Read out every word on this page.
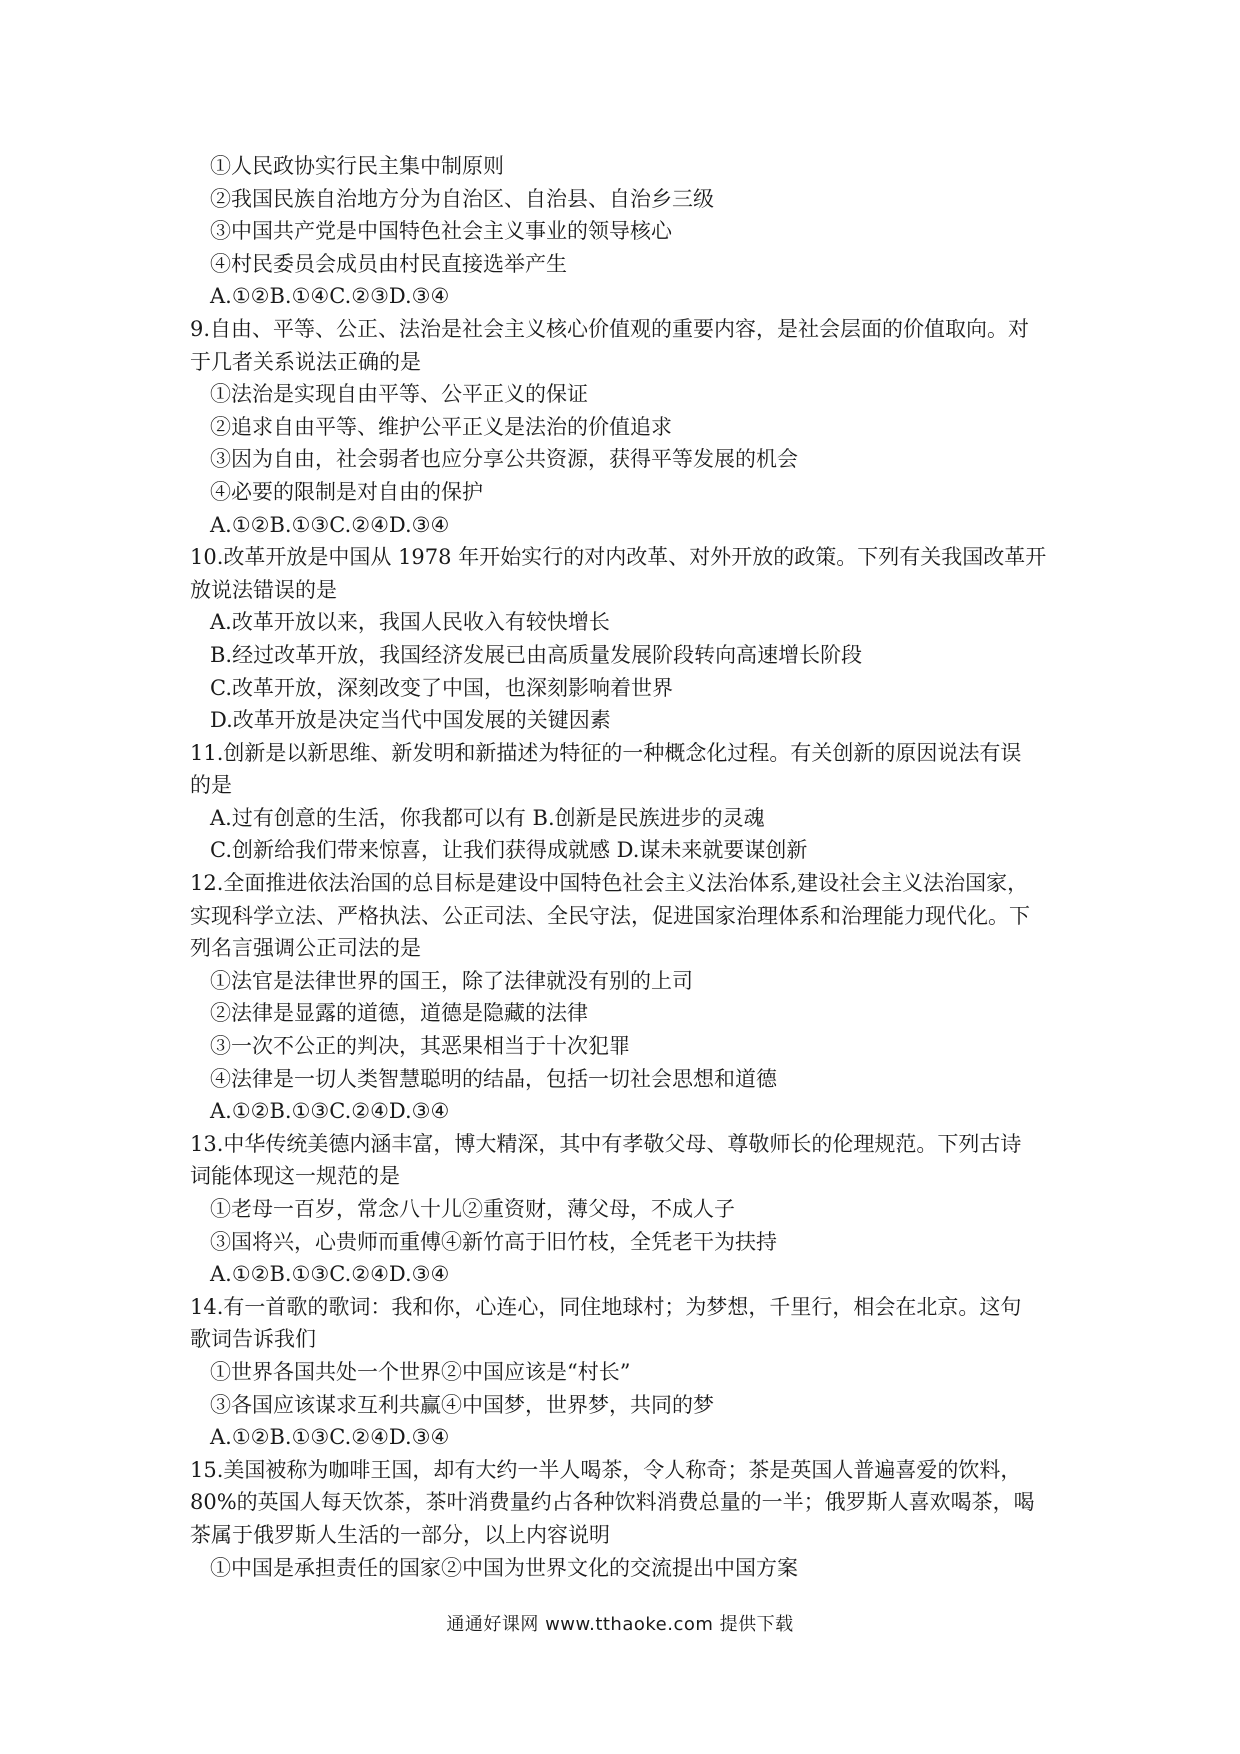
①人民政协实行民主集中制原则
②我国民族自治地方分为自治区、自治县、自治乡三级
③中国共产党是中国特色社会主义事业的领导核心
④村民委员会成员由村民直接选举产生
A.①②B.①④C.②③D.③④
9.自由、平等、公正、法治是社会主义核心价值观的重要内容，是社会层面的价值取向。对
于几者关系说法正确的是
①法治是实现自由平等、公平正义的保证
②追求自由平等、维护公平正义是法治的价值追求
③因为自由，社会弱者也应分享公共资源，获得平等发展的机会
④必要的限制是对自由的保护
A.①②B.①③C.②④D.③④
10.改革开放是中国从 1978 年开始实行的对内改革、对外开放的政策。下列有关我国改革开
放说法错误的是
A.改革开放以来，我国人民收入有较快增长
B.经过改革开放，我国经济发展已由高质量发展阶段转向高速增长阶段
C.改革开放，深刻改变了中国，也深刻影响着世界
D.改革开放是决定当代中国发展的关键因素
11.创新是以新思维、新发明和新描述为特征的一种概念化过程。有关创新的原因说法有误
的是
A.过有创意的生活，你我都可以有 B.创新是民族进步的灵魂
C.创新给我们带来惊喜，让我们获得成就感 D.谋未来就要谋创新
12.全面推进依法治国的总目标是建设中国特色社会主义法治体系,建设社会主义法治国家，
实现科学立法、严格执法、公正司法、全民守法，促进国家治理体系和治理能力现代化。下
列名言强调公正司法的是
①法官是法律世界的国王，除了法律就没有别的上司
②法律是显露的道德，道德是隐藏的法律
③一次不公正的判决，其恶果相当于十次犯罪
④法律是一切人类智慧聪明的结晶，包括一切社会思想和道德
A.①②B.①③C.②④D.③④
13.中华传统美德内涵丰富，博大精深，其中有孝敬父母、尊敬师长的伦理规范。下列古诗
词能体现这一规范的是
①老母一百岁，常念八十儿②重资财，薄父母，不成人子
③国将兴，心贵师而重傅④新竹高于旧竹枝，全凭老干为扶持
A.①②B.①③C.②④D.③④
14.有一首歌的歌词：我和你，心连心，同住地球村；为梦想，千里行，相会在北京。这句
歌词告诉我们
①世界各国共处一个世界②中国应该是“村长”
③各国应该谋求互利共赢④中国梦，世界梦，共同的梦
A.①②B.①③C.②④D.③④
15.美国被称为咖啡王国，却有大约一半人喝茶，令人称奇；茶是英国人普遍喜爱的饮料，
80%的英国人每天饮茶，茶叶消费量约占各种饮料消费总量的一半；俄罗斯人喜欢喝茶，喝
茶属于俄罗斯人生活的一部分，以上内容说明
①中国是承担责任的国家②中国为世界文化的交流提出中国方案
通通好课网 www.tthaoke.com 提供下载
